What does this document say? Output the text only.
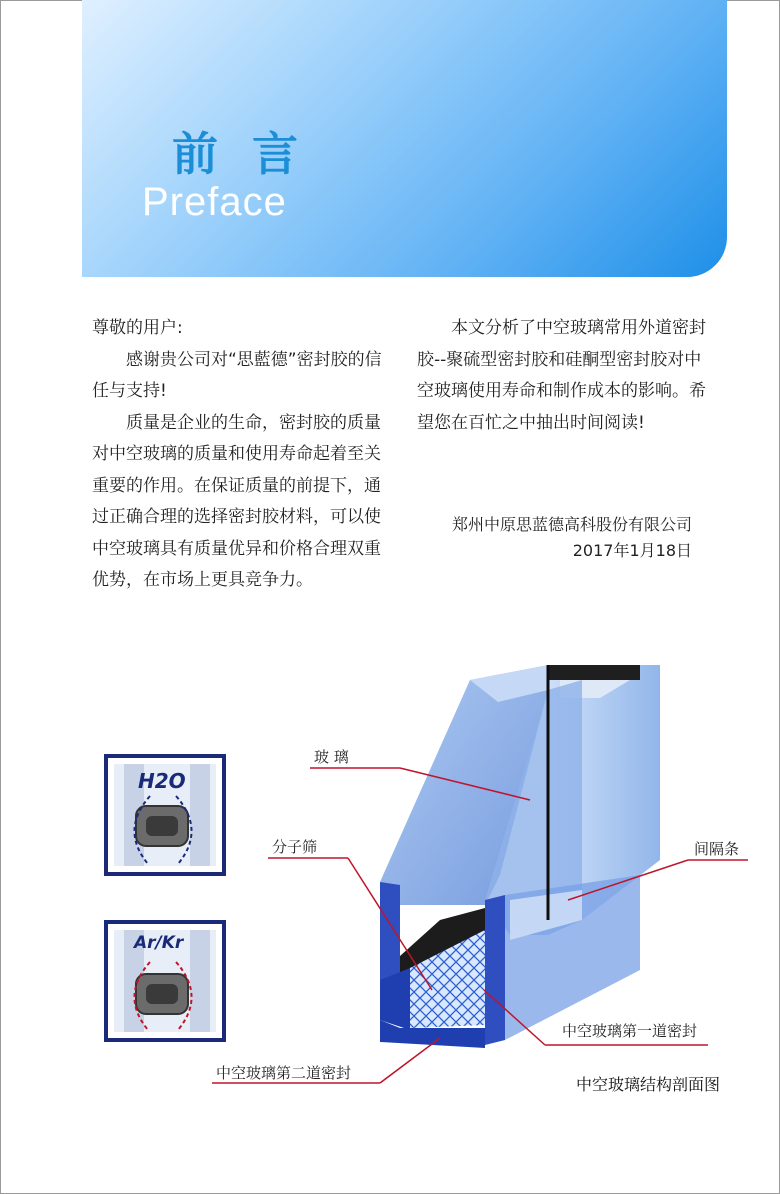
前言
Preface

尊敬的用户:

感谢贵公司对“思藍德”密封胶的信任与支持!

质量是企业的生命，密封胶的质量对中空玻璃的质量和使用寿命起着至关重要的作用。在保证质量的前提下，通过正确合理的选择密封胶材料，可以使中空玻璃具有质量优异和价格合理双重优势，在市场上更具竞争力。

本文分析了中空玻璃常用外道密封胶--聚硫型密封胶和硅酮型密封胶对中空玻璃使用寿命和制作成本的影响。希望您在百忙之中抽出时间阅读!

郑州中原思蓝德高科股份有限公司
2017年1月18日
H2O
Ar/Kr
玻 璃
分子筛	间隔条
中空玻璃第一道密封
中空玻璃第二道密封
中空玻璃结构剖面图
